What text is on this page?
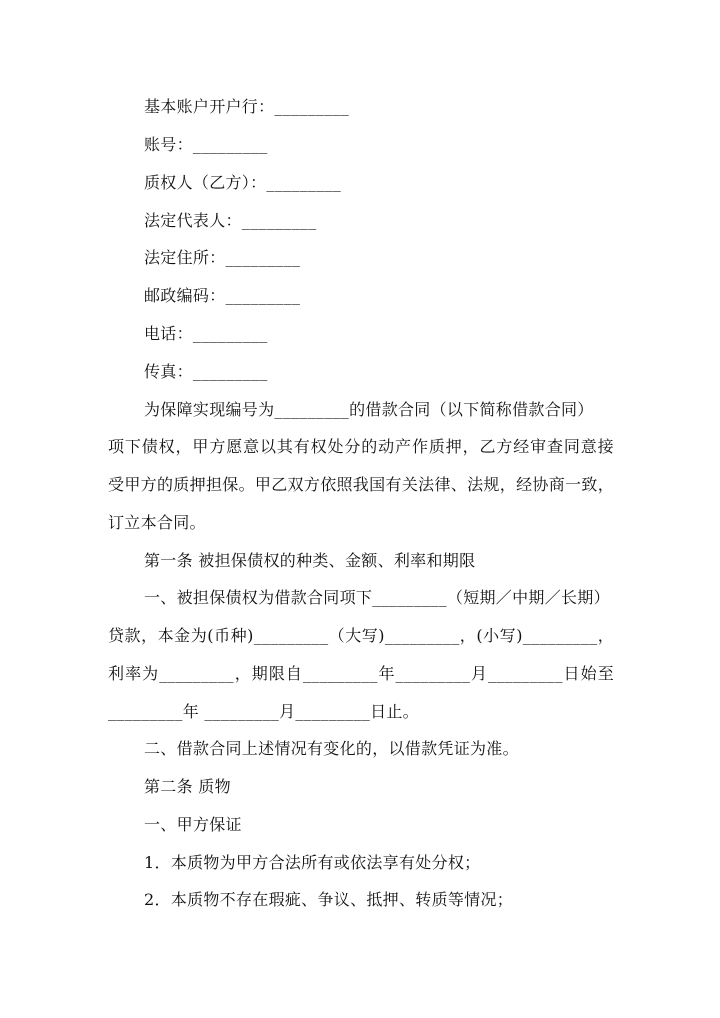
基本账户开户行：_________
账号：_________
质权人（乙方）：_________
法定代表人：_________
法定住所：_________
邮政编码：_________
电话：_________
传真：_________
为保障实现编号为_________的借款合同（以下简称借款合同）
项下债权，甲方愿意以其有权处分的动产作质押，乙方经审查同意接
受甲方的质押担保。甲乙双方依照我国有关法律、法规，经协商一致，
订立本合同。
第一条 被担保债权的种类、金额、利率和期限
一、被担保债权为借款合同项下_________（短期／中期／长期）
贷款，本金为(币种)_________（大写)_________，(小写)_________，
利率为_________，期限自_________年_________月_________日始至
_________年 _________月_________日止。
二、借款合同上述情况有变化的，以借款凭证为准。
第二条 质物
一、甲方保证
1．本质物为甲方合法所有或依法享有处分权；
2．本质物不存在瑕疵、争议、抵押、转质等情况；
